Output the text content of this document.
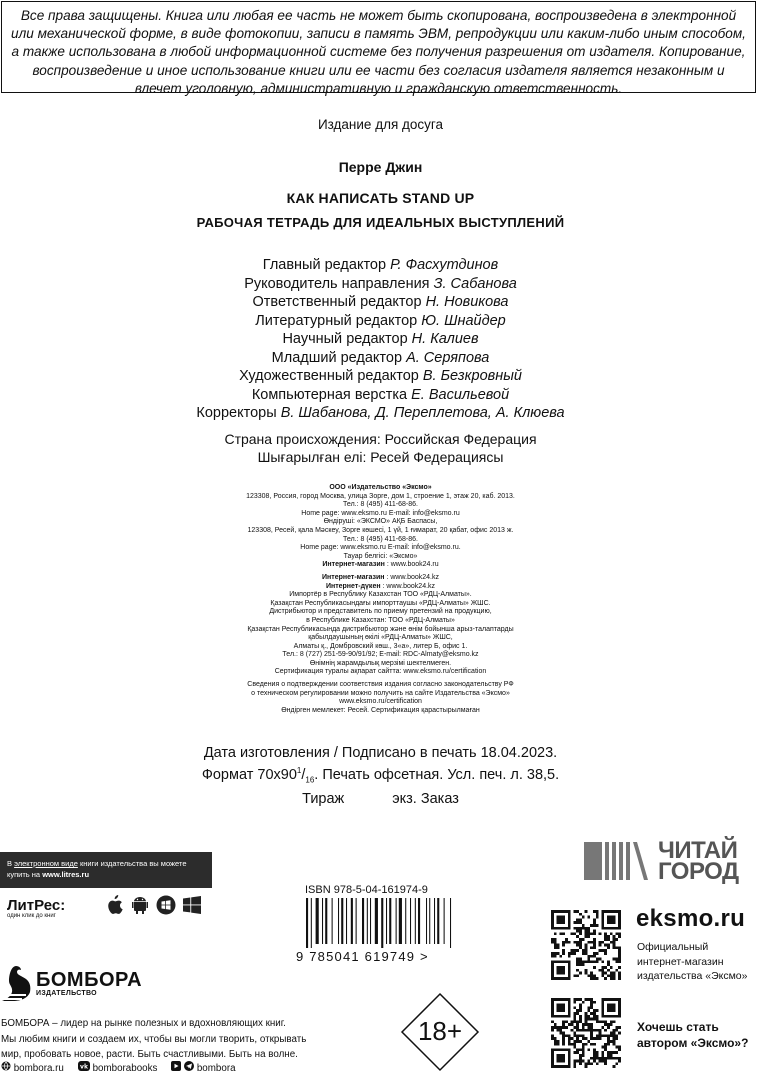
Все права защищены. Книга или любая ее часть не может быть скопирована, воспроизведена в электронной или механической форме, в виде фотокопии, записи в память ЭВМ, репродукции или каким-либо иным способом, а также использована в любой информационной системе без получения разрешения от издателя. Копирование, воспроизведение и иное использование книги или ее части без согласия издателя является незаконным и влечет уголовную, административную и гражданскую ответственность.
Издание для досуга
Перре Джин
КАК НАПИСАТЬ STAND UP
РАБОЧАЯ ТЕТРАДЬ ДЛЯ ИДЕАЛЬНЫХ ВЫСТУПЛЕНИЙ
Главный редактор Р. Фасхутдинов
Руководитель направления З. Сабанова
Ответственный редактор Н. Новикова
Литературный редактор Ю. Шнайдер
Научный редактор Н. Калиев
Младший редактор А. Серяпова
Художественный редактор В. Безкровный
Компьютерная верстка Е. Васильевой
Корректоры В. Шабанова, Д. Переплетова, А. Клюева
Страна происхождения: Российская Федерация
Шығарылған елі: Ресей Федерациясы
ООО «Издательство «Эксмо»
123308, Россия, город Москва, улица Зорге, дом 1, строение 1, этаж 20, каб. 2013.
Тел.: 8 (495) 411-68-86.
Home page: www.eksmo.ru E-mail: info@eksmo.ru
Өндіруші: «ЭКСМО» АҚБ Баспасы,
123308, Ресей, қала Мәскеу, Зорге көшесі, 1 үй, 1 ғимарат, 20 қабат, офис 2013 ж.
Тел.: 8 (495) 411-68-86.
Home page: www.eksmo.ru E-mail: info@eksmo.ru.
Тауар белгісі: «Эксмо»
Интернет-магазин : www.book24.ru
Интернет-магазин : www.book24.kz
Интернет-дүкен : www.book24.kz
Импортёр в Республику Казахстан ТОО «РДЦ-Алматы».
Қазақстан Республикасындағы импорттаушы «РДЦ-Алматы» ЖШС.
Дистрибьютор и представитель по приему претензий на продукцию,
в Республике Казахстан: ТОО «РДЦ-Алматы»
Қазақстан Республикасында дистрибьютор және өнім бойынша арыз-талаптарды
қабылдаушының өкілі «РДЦ-Алматы» ЖШС,
Алматы қ., Домбровский көш., 3«а», литер Б, офис 1.
Тел.: 8 (727) 251-59-90/91/92; E-mail: RDC-Almaty@eksmo.kz
Өнімнің жарамдылық мерзімі шектелмеген.
Сертификация туралы ақпарат сайтта: www.eksmo.ru/certification
Сведения о подтверждении соответствия издания согласно законодательству РФ
о техническом регулировании можно получить на сайте Издательства «Эксмо»
www.eksmo.ru/certification
Өндірген мемлекет: Ресей. Сертификация қарастырылмаған
Дата изготовления / Подписано в печать 18.04.2023.
Формат $70x90^1/_{16}$. Печать офсетная. Усл. печ. л. 38,5.
Тираж	экз. Заказ
В электронном виде книги издательства вы можете
купить на www.litres.ru
ЛитРес:
один клик до книг
ISBN 978-5-04-161974-9
9 785041 619749 >
18+
ЧИТАЙ
ГОРОД
eksmo.ru
Официальный
интернет-магазин
издательства «Эксмо»
Хочешь стать
автором «Эксмо»?
БОМБОРА
ИЗДАТЕЛЬСТВО
БОМБОРА – лидер на рынке полезных и вдохновляющих книг.
Мы любим книги и создаем их, чтобы вы могли творить, открывать
мир, пробовать новое, расти. Быть счастливыми. Быть на волне.
bombora.ru	vk bomborabooks	bombora
